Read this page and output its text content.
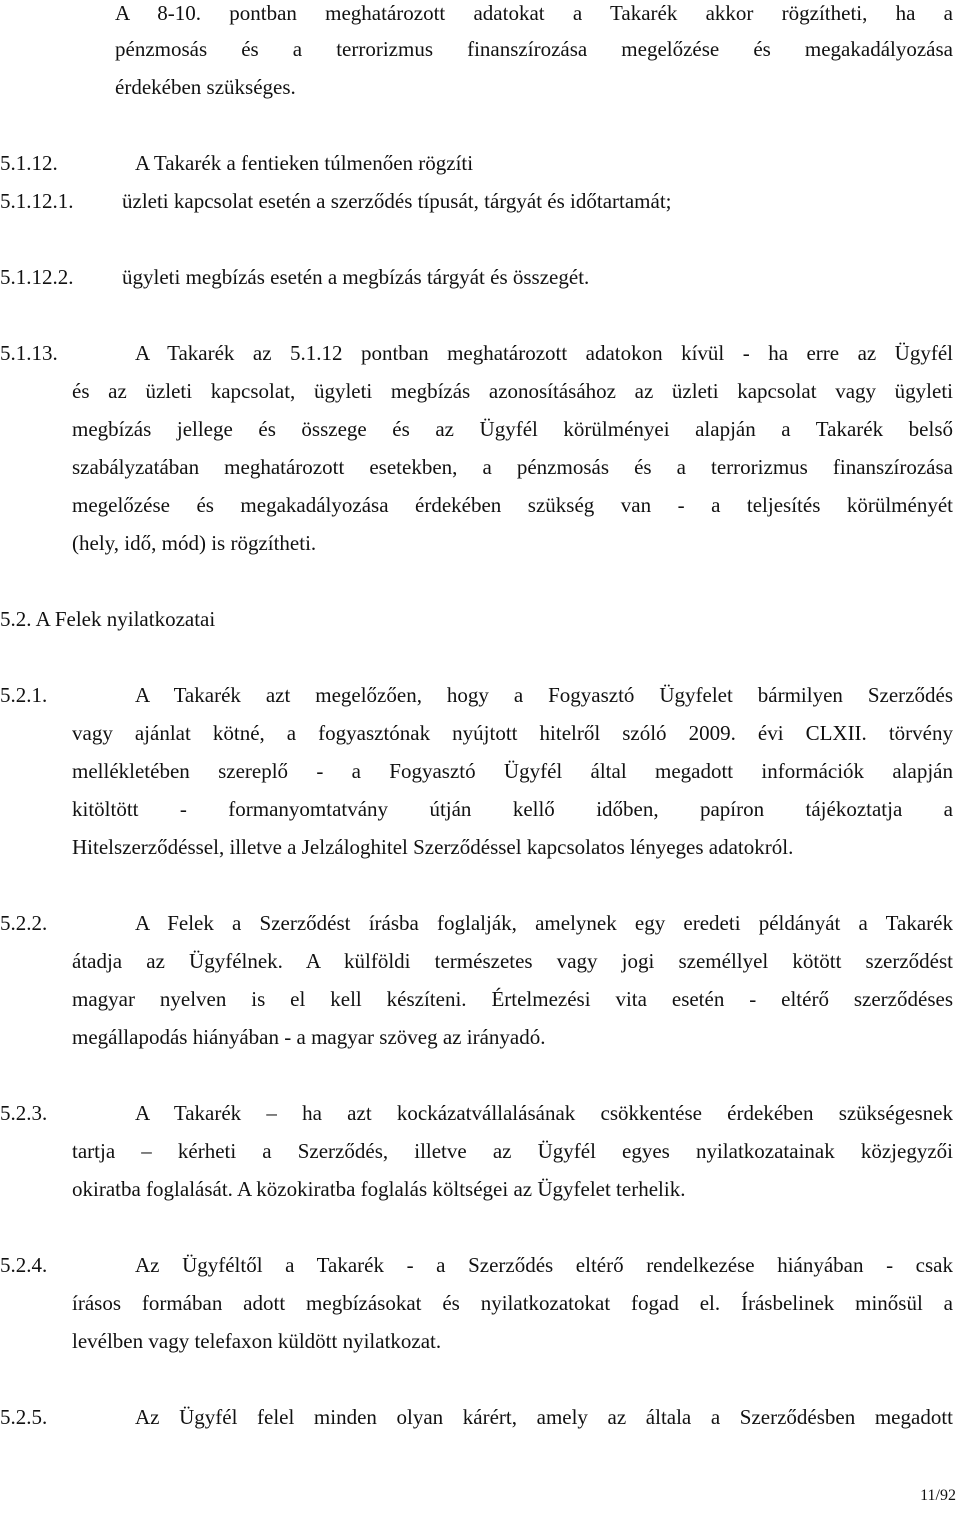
A 8-10. pontban meghatározott adatokat a Takarék akkor rögzítheti, ha a
pénzmosás és a terrorizmus finanszírozása megelőzése és megakadályozása
érdekében szükséges.
5.1.12.	A Takarék a fentieken túlmenően rögzíti
5.1.12.1. üzleti kapcsolat esetén a szerződés típusát, tárgyát és időtartamát;
5.1.12.2. ügyleti megbízás esetén a megbízás tárgyát és összegét.
5.1.13.	A Takarék az 5.1.12 pontban meghatározott adatokon kívül - ha erre az Ügyfél
és az üzleti kapcsolat, ügyleti megbízás azonosításához az üzleti kapcsolat vagy ügyleti
megbízás jellege és összege és az Ügyfél körülményei alapján a Takarék belső
szabályzatában meghatározott esetekben, a pénzmosás és a terrorizmus finanszírozása
megelőzése és megakadályozása érdekében szükség van - a teljesítés körülményét
(hely, idő, mód) is rögzítheti.
5.2. A Felek nyilatkozatai
5.2.1.	A Takarék azt megelőzően, hogy a Fogyasztó Ügyfelet bármilyen Szerződés
vagy ajánlat kötné, a fogyasztónak nyújtott hitelről szóló 2009. évi CLXII. törvény
mellékletében szereplő - a Fogyasztó Ügyfél által megadott információk alapján
kitöltött - formanyomtatvány útján kellő időben, papíron tájékoztatja a
Hitelszerződéssel, illetve a Jelzáloghitel Szerződéssel kapcsolatos lényeges adatokról.
5.2.2.	A Felek a Szerződést írásba foglalják, amelynek egy eredeti példányát a Takarék
átadja az Ügyfélnek. A külföldi természetes vagy jogi személlyel kötött szerződést
magyar nyelven is el kell készíteni. Értelmezési vita esetén - eltérő szerződéses
megállapodás hiányában - a magyar szöveg az irányadó.
5.2.3.	A Takarék – ha azt kockázatvállalásának csökkentése érdekében szükségesnek
tartja – kérheti a Szerződés, illetve az Ügyfél egyes nyilatkozatainak közjegyzői
okiratba foglalását. A közokiratba foglalás költségei az Ügyfelet terhelik.
5.2.4.	Az Ügyféltől a Takarék - a Szerződés eltérő rendelkezése hiányában - csak
írásos formában adott megbízásokat és nyilatkozatokat fogad el. Írásbelinek minősül a
levélben vagy telefaxon küldött nyilatkozat.
5.2.5.	Az Ügyfél felel minden olyan kárért, amely az általa a Szerződésben megadott
11/92
